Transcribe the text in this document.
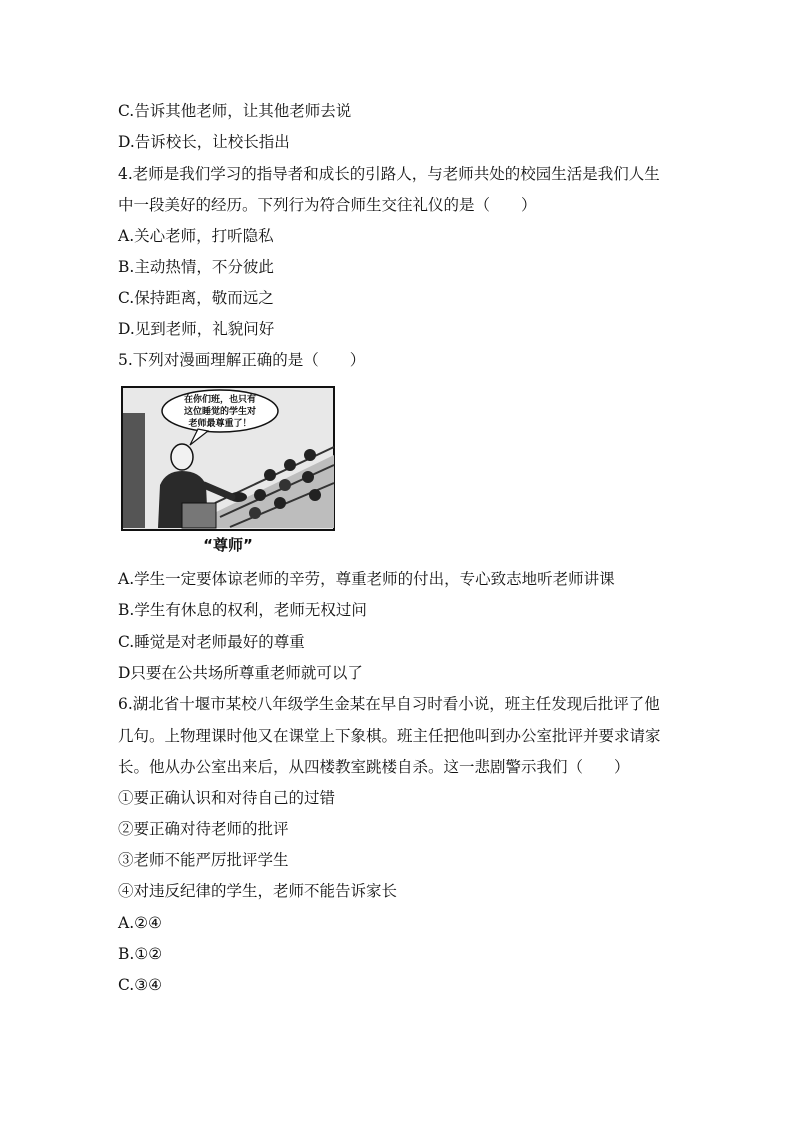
C.告诉其他老师，让其他老师去说
D.告诉校长，让校长指出
4.老师是我们学习的指导者和成长的引路人，与老师共处的校园生活是我们人生
中一段美好的经历。下列行为符合师生交往礼仪的是（　　）
A.关心老师，打听隐私
B.主动热情，不分彼此
C.保持距离，敬而远之
D.见到老师，礼貌问好
5.下列对漫画理解正确的是（　　）
在你们班，也只有
这位睡觉的学生对
老师最尊重了！
“尊师”
A.学生一定要体谅老师的辛劳，尊重老师的付出，专心致志地听老师讲课
B.学生有休息的权利，老师无权过问
C.睡觉是对老师最好的尊重
D只要在公共场所尊重老师就可以了
6.湖北省十堰市某校八年级学生金某在早自习时看小说，班主任发现后批评了他
几句。上物理课时他又在课堂上下象棋。班主任把他叫到办公室批评并要求请家
长。他从办公室出来后，从四楼教室跳楼自杀。这一悲剧警示我们（　　）
①要正确认识和对待自己的过错
②要正确对待老师的批评
③老师不能严厉批评学生
④对违反纪律的学生，老师不能告诉家长
A.②④
B.①②
C.③④
